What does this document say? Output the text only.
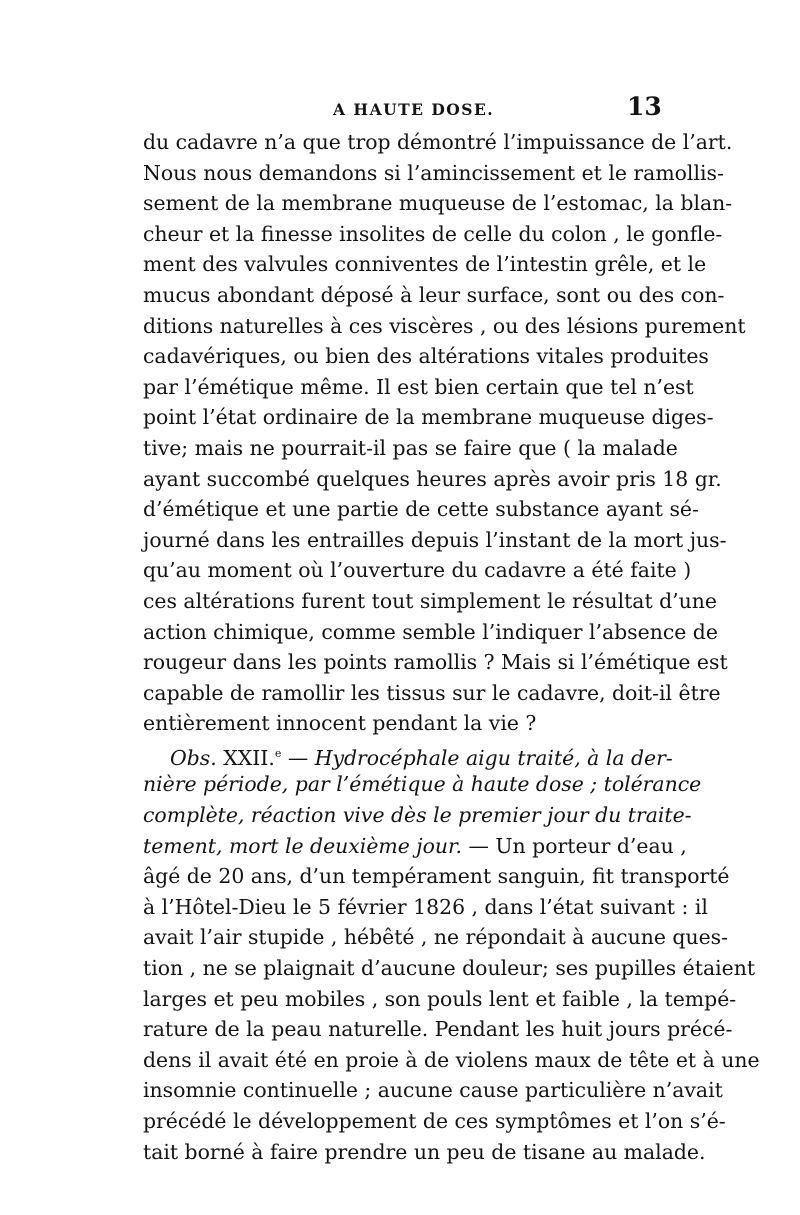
A HAUTE DOSE.	13
du cadavre n’a que trop démontré l’impuissance de l’art.
Nous nous demandons si l’amincissement et le ramollis-
sement de la membrane muqueuse de l’estomac, la blan-
cheur et la finesse insolites de celle du colon , le gonfle-
ment des valvules conniventes de l’intestin grêle, et le
mucus abondant déposé à leur surface, sont ou des con-
ditions naturelles à ces viscères , ou des lésions purement
cadavériques, ou bien des altérations vitales produites
par l’émétique même. Il est bien certain que tel n’est
point l’état ordinaire de la membrane muqueuse diges-
tive; mais ne pourrait-il pas se faire que ( la malade
ayant succombé quelques heures après avoir pris 18 gr.
d’émétique et une partie de cette substance ayant sé-
journé dans les entrailles depuis l’instant de la mort jus-
qu’au moment où l’ouverture du cadavre a été faite )
ces altérations furent tout simplement le résultat d’une
action chimique, comme semble l’indiquer l’absence de
rougeur dans les points ramollis ? Mais si l’émétique est
capable de ramollir les tissus sur le cadavre, doit-il être
entièrement innocent pendant la vie ?
Obs. XXII.$^e$ — Hydrocéphale aigu traité, à la der-
nière période, par l’émétique à haute dose ; tolérance
complète, réaction vive dès le premier jour du traite-
tement, mort le deuxième jour. — Un porteur d’eau ,
âgé de 20 ans, d’un tempérament sanguin, fit transporté
à l’Hôtel-Dieu le 5 février 1826 , dans l’état suivant : il
avait l’air stupide , hébêté , ne répondait à aucune ques-
tion , ne se plaignait d’aucune douleur; ses pupilles étaient
larges et peu mobiles , son pouls lent et faible , la tempé-
rature de la peau naturelle. Pendant les huit jours précé-
dens il avait été en proie à de violens maux de tête et à une
insomnie continuelle ; aucune cause particulière n’avait
précédé le développement de ces symptômes et l’on s’é-
tait borné à faire prendre un peu de tisane au malade.
